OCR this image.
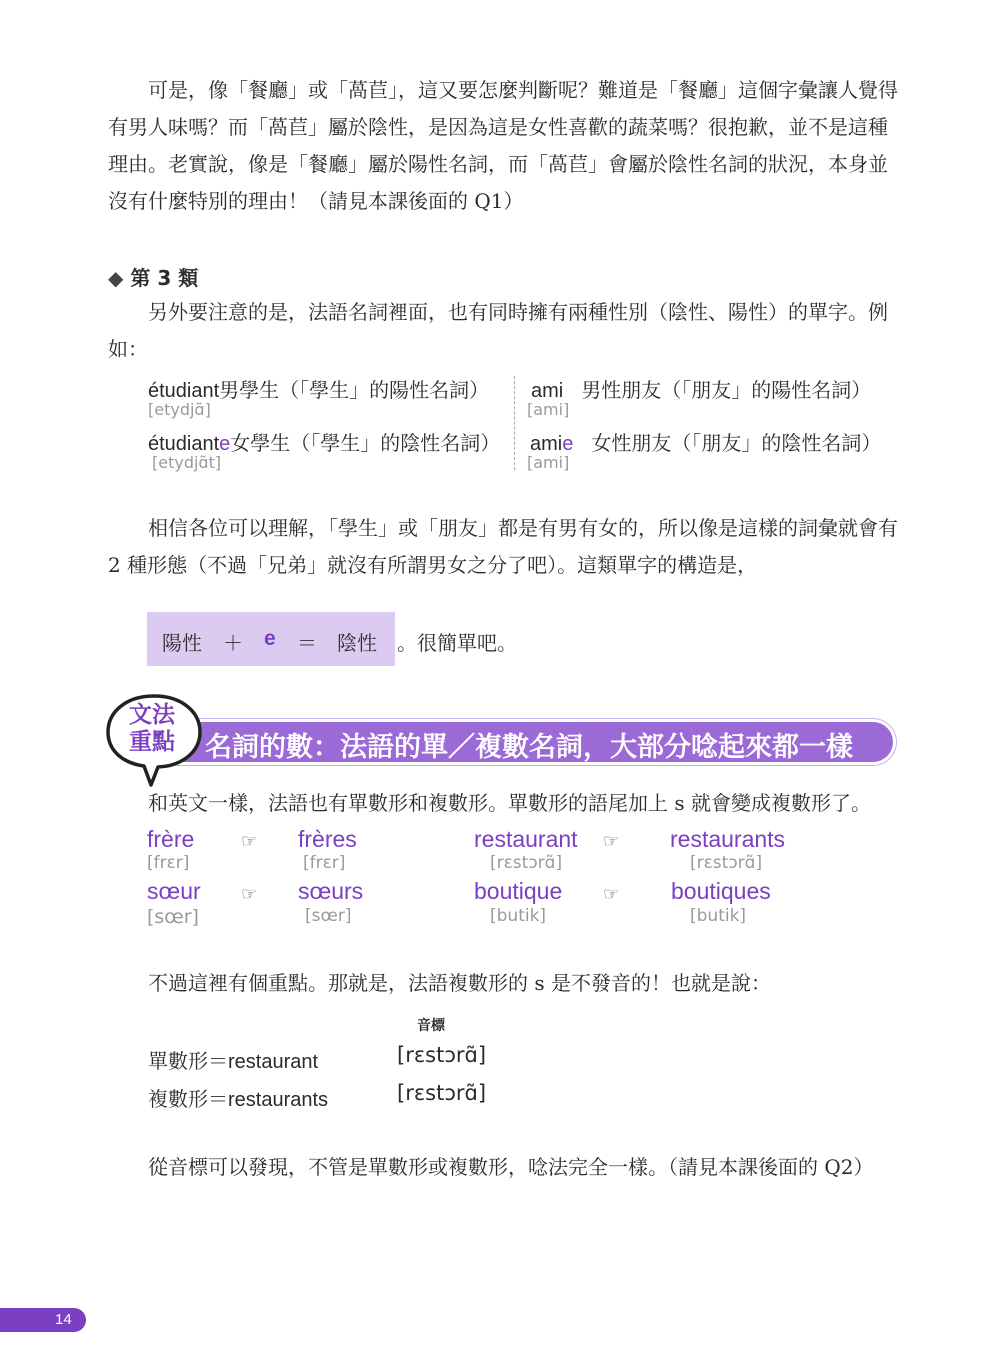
可是，像「餐廳」或「萵苣」，這又要怎麼判斷呢？難道是「餐廳」這個字彙讓人覺得有男人味嗎？而「萵苣」屬於陰性，是因為這是女性喜歡的蔬菜嗎？很抱歉，並不是這種理由。老實說，像是「餐廳」屬於陽性名詞，而「萵苣」會屬於陰性名詞的狀況，本身並沒有什麼特別的理由！（請見本課後面的 Q1）

◆ 第 3 類

另外要注意的是，法語名詞裡面，也有同時擁有兩種性別（陰性、陽性）的單字。例如：

étudiant男學生（「學生」的陽性名詞）
[etydjɑ̃]
ami 男性朋友（「朋友」的陽性名詞）
[ami]
étudiante女學生（「學生」的陰性名詞）
[etydjɑ̃t]
amie 女性朋友（「朋友」的陰性名詞）
[ami]

相信各位可以理解，「學生」或「朋友」都是有男有女的，所以像是這樣的詞彙就會有 2 種形態（不過「兄弟」就沒有所謂男女之分了吧）。這類單字的構造是，

陽性 ＋ e ＝ 陰性 。很簡單吧。
名詞的數：法語的單／複數名詞，大部分唸起來都一樣
文法
重點

和英文一樣，法語也有單數形和複數形。單數形的語尾加上 s 就會變成複數形了。

frère
[frɛr]
☞ frères
[frɛr]
restaurant
[rɛstɔrɑ̃]
☞ restaurants
[rɛstɔrɑ̃]
sœur
[sœr]
☞ sœurs
[sœr]
boutique
[butik]
☞ boutiques
[butik]

不過這裡有個重點。那就是，法語複數形的 s 是不發音的！也就是說：

音標
單數形＝restaurant	[rɛstɔrɑ̃]
複數形＝restaurants	[rɛstɔrɑ̃]

從音標可以發現，不管是單數形或複數形，唸法完全一樣。（請見本課後面的 Q2）

14
